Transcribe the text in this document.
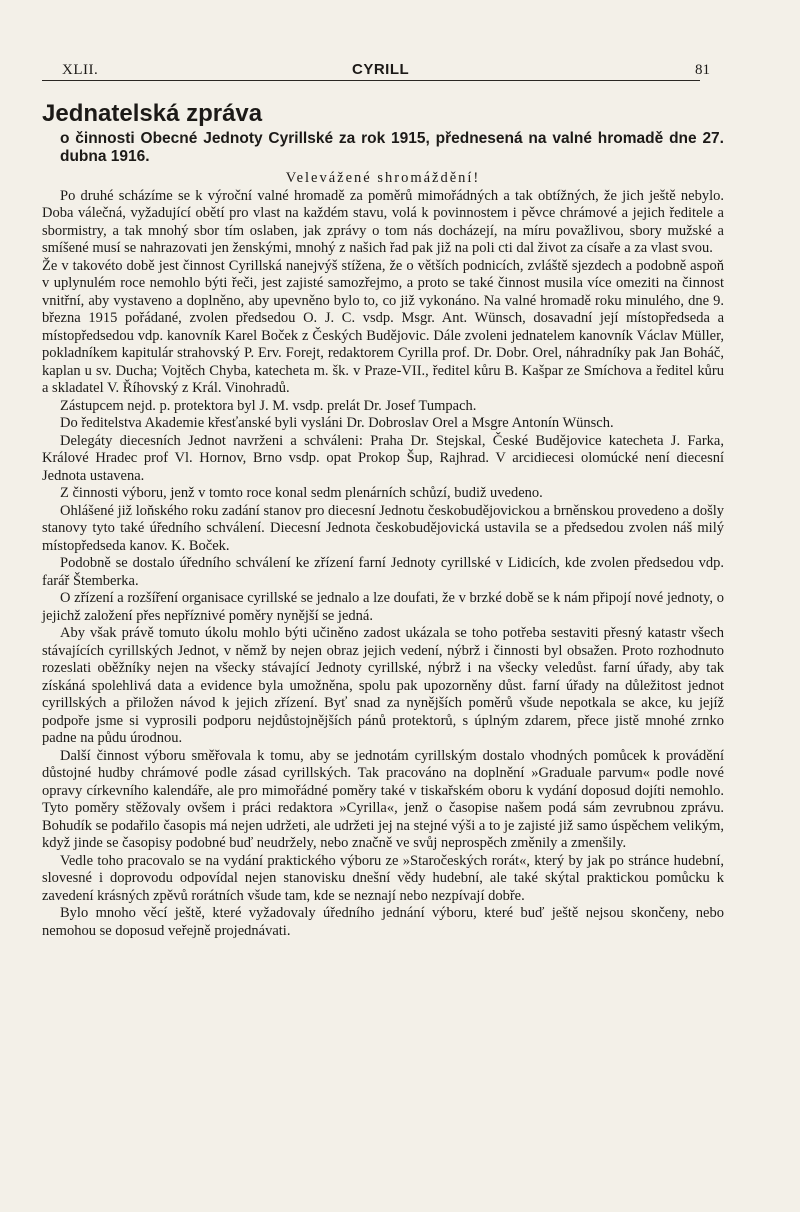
XLII.	CYRILL	81
Jednatelská zpráva
o činnosti Obecné Jednoty Cyrillské za rok 1915, přednesená na valné hromadě dne 27. dubna 1916.

Velevážené shromáždění!

Po druhé scházíme se k výroční valné hromadě za poměrů mimořádných a tak obtížných, že jich ještě nebylo. Doba válečná, vyžadující obětí pro vlast na každém stavu, volá k povinnostem i pěvce chrámové a jejich ředitele a sbormistry, a tak mnohý sbor tím oslaben, jak zprávy o tom nás docházejí, na míru považlivou, sbory mužské a smíšené musí se nahrazovati jen ženskými, mnohý z našich řad pak již na poli cti dal život za císaře a za vlast svou.

Že v takovéto době jest činnost Cyrillská nanejvýš stížena, že o větších podnicích, zvláště sjezdech a podobně aspoň v uplynulém roce nemohlo býti řeči, jest zajisté samozřejmo, a proto se také činnost musila více omeziti na činnost vnitřní, aby vystaveno a doplněno, aby upevněno bylo to, co již vykonáno. Na valné hromadě roku minulého, dne 9. března 1915 pořádané, zvolen předsedou O. J. C. vsdp. Msgr. Ant. Wünsch, dosavadní její místopředseda a místopředsedou vdp. kanovník Karel Boček z Českých Budějovic. Dále zvoleni jednatelem kanovník Václav Müller, pokladníkem kapitulár strahovský P. Erv. Forejt, redaktorem Cyrilla prof. Dr. Dobr. Orel, náhradníky pak Jan Boháč, kaplan u sv. Ducha; Vojtěch Chyba, katecheta m. šk. v Praze-VII., ředitel kůru B. Kašpar ze Smíchova a ředitel kůru a skladatel V. Říhovský z Král. Vinohradů.

Zástupcem nejd. p. protektora byl J. M. vsdp. prelát Dr. Josef Tumpach.

Do ředitelstva Akademie křesťanské byli vysláni Dr. Dobroslav Orel a Msgre Antonín Wünsch.

Delegáty diecesních Jednot navrženi a schváleni: Praha Dr. Stejskal, České Budějovice katecheta J. Farka, Králové Hradec prof Vl. Hornov, Brno vsdp. opat Prokop Šup, Rajhrad. V arcidiecesi olomúcké není diecesní Jednota ustavena.

Z činnosti výboru, jenž v tomto roce konal sedm plenárních schůzí, budiž uvedeno.

Ohlášené již loňského roku zadání stanov pro diecesní Jednotu českobudějovickou a brněnskou provedeno a došly stanovy tyto také úředního schválení. Diecesní Jednota českobudějovická ustavila se a předsedou zvolen náš milý místopředseda kanov. K. Boček.

Podobně se dostalo úředního schválení ke zřízení farní Jednoty cyrillské v Lidicích, kde zvolen předsedou vdp. farář Štemberka.

O zřízení a rozšíření organisace cyrillské se jednalo a lze doufati, že v brzké době se k nám připojí nové jednoty, o jejichž založení přes nepříznivé poměry nynější se jedná.

Aby však právě tomuto úkolu mohlo býti učiněno zadost ukázala se toho potřeba sestaviti přesný katastr všech stávajících cyrillských Jednot, v němž by nejen obraz jejich vedení, nýbrž i činnosti byl obsažen. Proto rozhodnuto rozeslati oběžníky nejen na všecky stávající Jednoty cyrillské, nýbrž i na všecky veledůst. farní úřady, aby tak získáná spolehlivá data a evidence byla umožněna, spolu pak upozorněny důst. farní úřady na důležitost jednot cyrillských a přiložen návod k jejich zřízení. Byť snad za nynějších poměrů všude nepotkala se akce, ku jejíž podpoře jsme si vyprosili podporu nejdůstojnějších pánů protektorů, s úplným zdarem, přece jistě mnohé zrnko padne na půdu úrodnou.

Další činnost výboru směřovala k tomu, aby se jednotám cyrillským dostalo vhodných pomůcek k provádění důstojné hudby chrámové podle zásad cyrillských. Tak pracováno na doplnění »Graduale parvum« podle nové opravy církevního kalendáře, ale pro mimořádné poměry také v tiskařském oboru k vydání doposud dojíti nemohlo. Tyto poměry stěžovaly ovšem i práci redaktora »Cyrilla«, jenž o časopise našem podá sám zevrubnou zprávu. Bohudík se podařilo časopis má nejen udržeti, ale udržeti jej na stejné výši a to je zajisté již samo úspěchem velikým, když jinde se časopisy podobné buď neudržely, nebo značně ve svůj neprospěch změnily a zmenšily.

Vedle toho pracovalo se na vydání praktického výboru ze »Staročeských rorát«, který by jak po stránce hudební, slovesné i doprovodu odpovídal nejen stanovisku dnešní vědy hudební, ale také skýtal praktickou pomůcku k zavedení krásných zpěvů rorátních všude tam, kde se neznají nebo nezpívají dobře.

Bylo mnoho věcí ještě, které vyžadovaly úředního jednání výboru, které buď ještě nejsou skončeny, nebo nemohou se doposud veřejně projednávati.
